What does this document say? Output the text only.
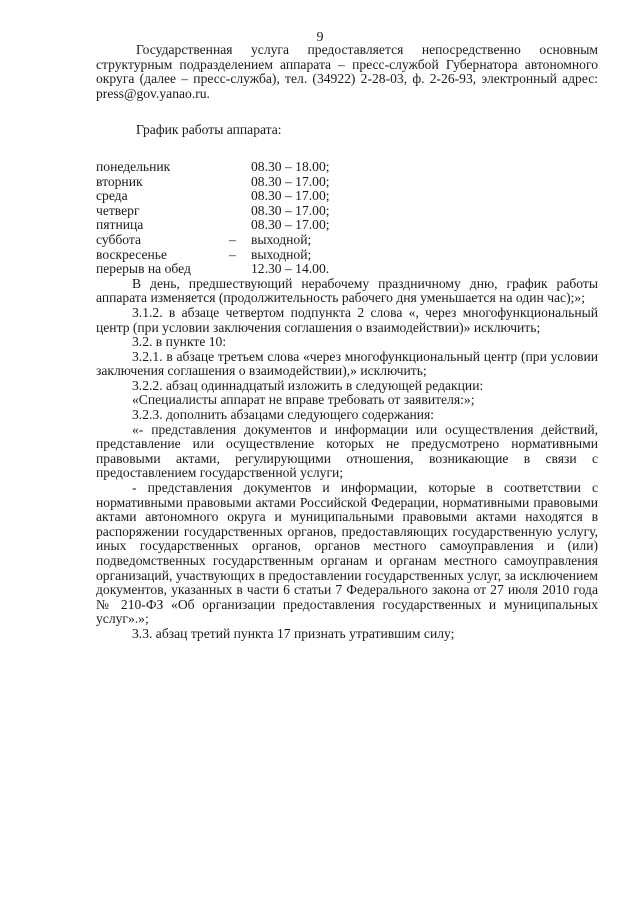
9

Государственная услуга предоставляется непосредственно основным структурным подразделением аппарата – пресс-службой Губернатора автономного округа (далее – пресс-служба), тел. (34922) 2-28-03, ф. 2-26-93, электронный адрес: press@gov.yanao.ru.

График работы аппарата:

понедельник		08.30 – 18.00;
вторник		08.30 – 17.00;
среда		08.30 – 17.00;
четверг		08.30 – 17.00;
пятница		08.30 – 17.00;
суббота	–	выходной;
воскресенье	–	выходной;
перерыв на обед		12.30 – 14.00.

В день, предшествующий нерабочему праздничному дню, график работы аппарата изменяется (продолжительность рабочего дня уменьшается на один час);»;

3.1.2. в абзаце четвертом подпункта 2 слова «, через многофункциональный центр (при условии заключения соглашения о взаимодействии)» исключить;

3.2. в пункте 10:

3.2.1. в абзаце третьем слова «через многофункциональный центр (при условии заключения соглашения о взаимодействии),» исключить;

3.2.2. абзац одиннадцатый изложить в следующей редакции:

«Специалисты аппарат не вправе требовать от заявителя:»;

3.2.3. дополнить абзацами следующего содержания:

«- представления документов и информации или осуществления действий, представление или осуществление которых не предусмотрено нормативными правовыми актами, регулирующими отношения, возникающие в связи с предоставлением государственной услуги;

- представления документов и информации, которые в соответствии с нормативными правовыми актами Российской Федерации, нормативными правовыми актами автономного округа и муниципальными правовыми актами находятся в распоряжении государственных органов, предоставляющих государственную услугу, иных государственных органов, органов местного самоуправления и (или) подведомственных государственным органам и органам местного самоуправления организаций, участвующих в предоставлении государственных услуг, за исключением документов, указанных в части 6 статьи 7 Федерального закона от 27 июля 2010 года № 210-ФЗ «Об организации предоставления государственных и муниципальных услуг».»;

3.3. абзац третий пункта 17 признать утратившим силу;
